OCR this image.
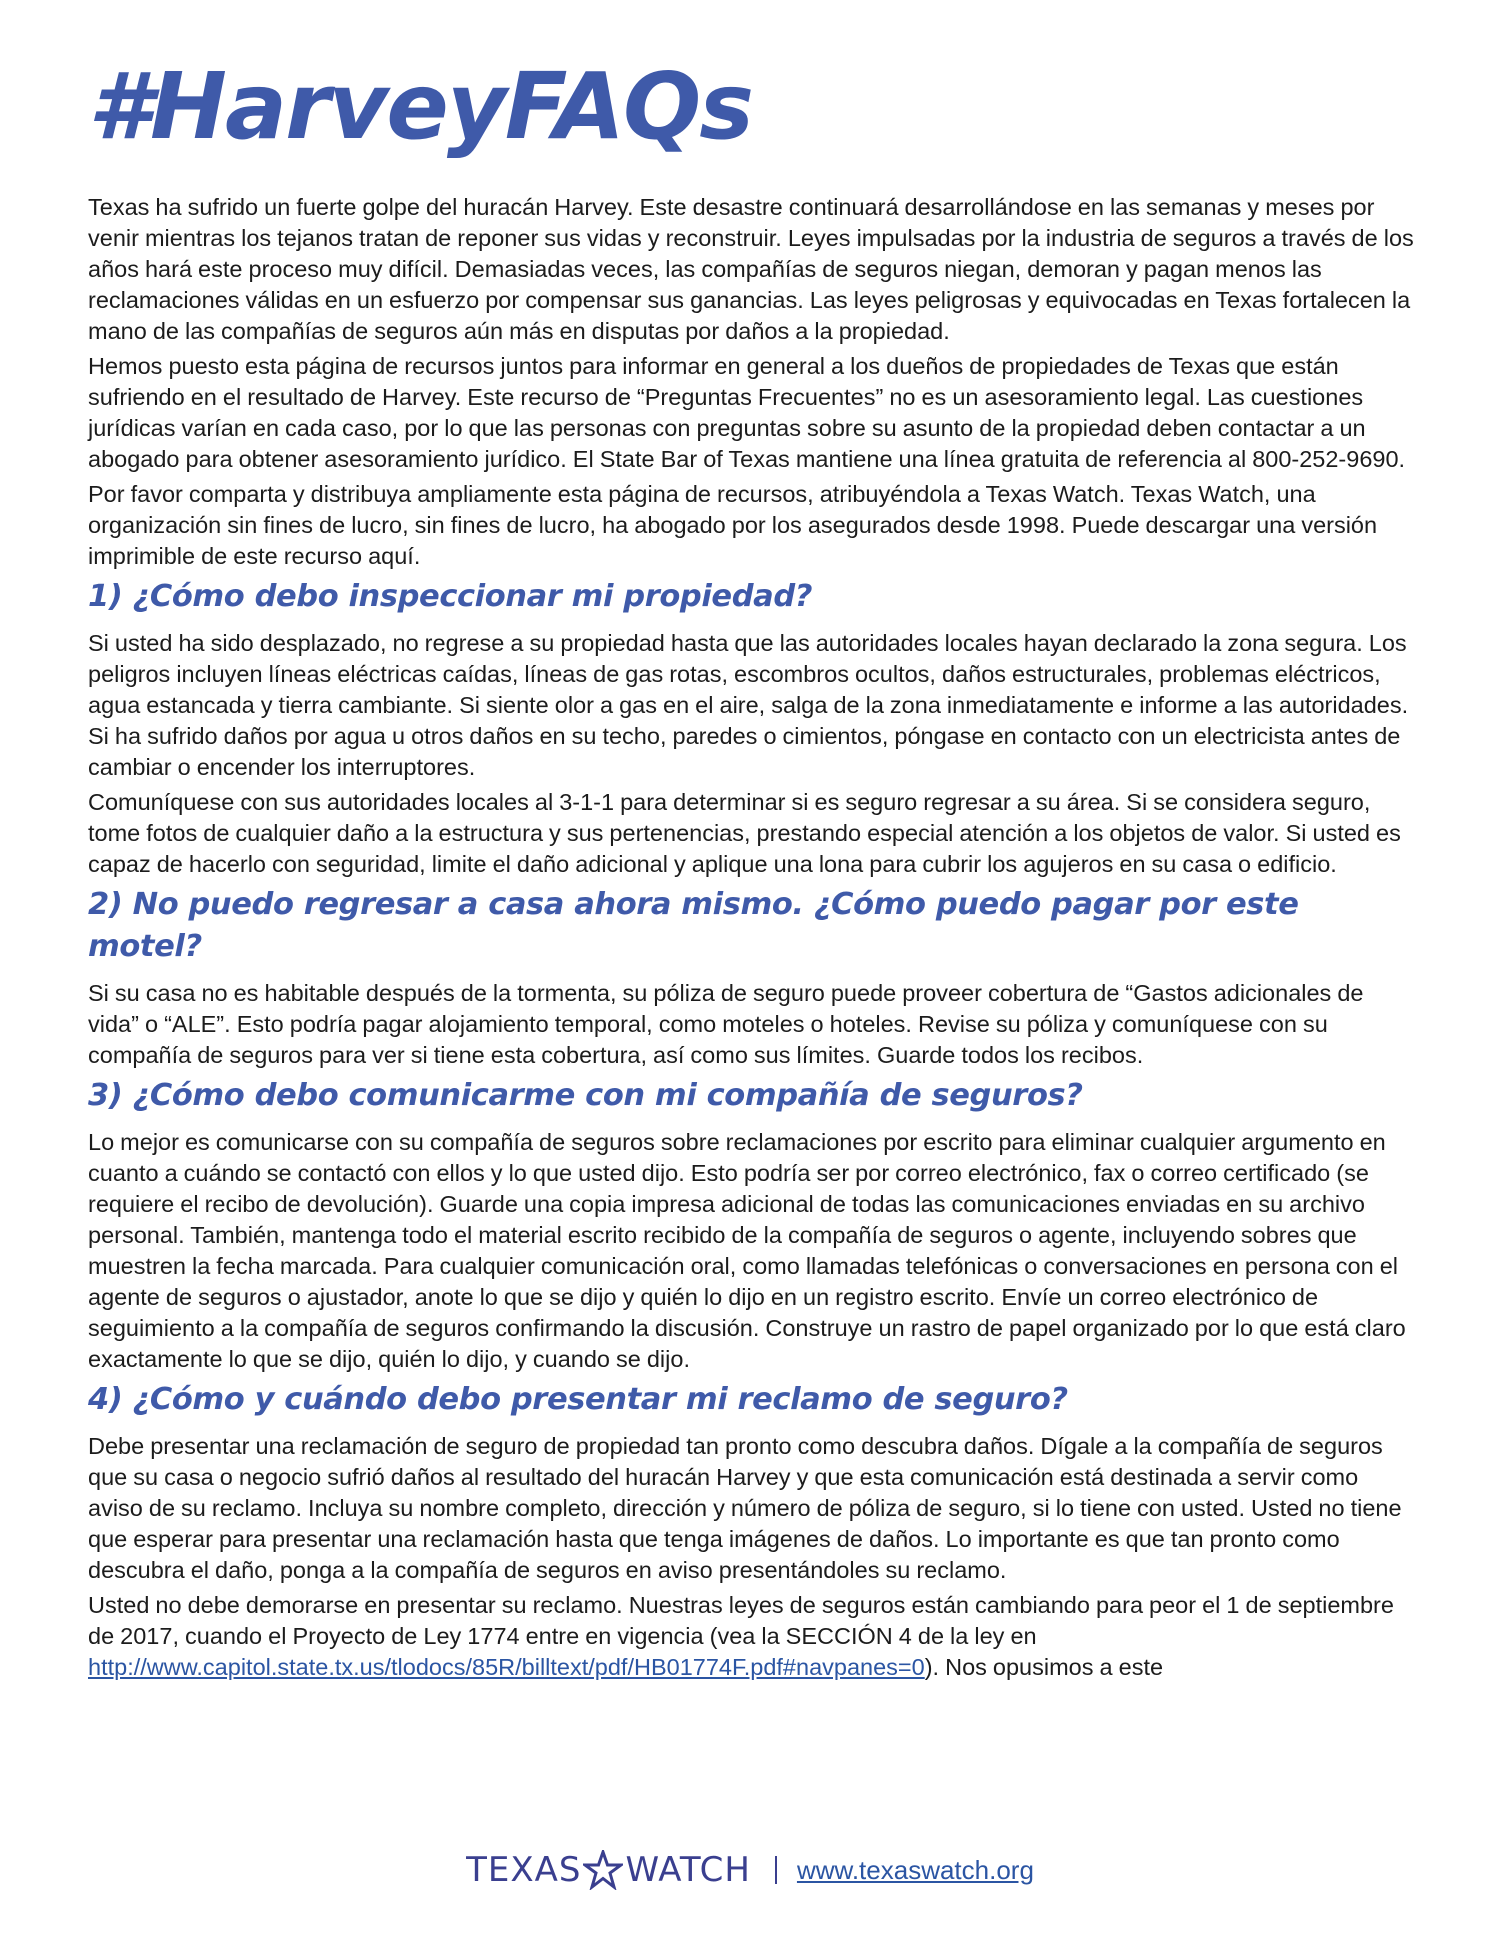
#HarveyFAQs

Texas ha sufrido un fuerte golpe del huracán Harvey. Este desastre continuará desarrollándose en las semanas y meses por venir mientras los tejanos tratan de reponer sus vidas y reconstruir. Leyes impulsadas por la industria de seguros a través de los años hará este proceso muy difícil. Demasiadas veces, las compañías de seguros niegan, demoran y pagan menos las reclamaciones válidas en un esfuerzo por compensar sus ganancias. Las leyes peligrosas y equivocadas en Texas fortalecen la mano de las compañías de seguros aún más en disputas por daños a la propiedad.

Hemos puesto esta página de recursos juntos para informar en general a los dueños de propiedades de Texas que están sufriendo en el resultado de Harvey. Este recurso de “Preguntas Frecuentes” no es un asesoramiento legal. Las cuestiones jurídicas varían en cada caso, por lo que las personas con preguntas sobre su asunto de la propiedad deben contactar a un abogado para obtener asesoramiento jurídico. El State Bar of Texas mantiene una línea gratuita de referencia al 800-252-9690.

Por favor comparta y distribuya ampliamente esta página de recursos, atribuyéndola a Texas Watch. Texas Watch, una organización sin fines de lucro, sin fines de lucro, ha abogado por los asegurados desde 1998. Puede descargar una versión imprimible de este recurso aquí.

1) ¿Cómo debo inspeccionar mi propiedad?

Si usted ha sido desplazado, no regrese a su propiedad hasta que las autoridades locales hayan declarado la zona segura. Los peligros incluyen líneas eléctricas caídas, líneas de gas rotas, escombros ocultos, daños estructurales, problemas eléctricos, agua estancada y tierra cambiante. Si siente olor a gas en el aire, salga de la zona inmediatamente e informe a las autoridades. Si ha sufrido daños por agua u otros daños en su techo, paredes o cimientos, póngase en contacto con un electricista antes de cambiar o encender los interruptores.

Comuníquese con sus autoridades locales al 3-1-1 para determinar si es seguro regresar a su área. Si se considera seguro, tome fotos de cualquier daño a la estructura y sus pertenencias, prestando especial atención a los objetos de valor. Si usted es capaz de hacerlo con seguridad, limite el daño adicional y aplique una lona para cubrir los agujeros en su casa o edificio.

2) No puedo regresar a casa ahora mismo. ¿Cómo puedo pagar por este motel?

Si su casa no es habitable después de la tormenta, su póliza de seguro puede proveer cobertura de “Gastos adicionales de vida” o “ALE”. Esto podría pagar alojamiento temporal, como moteles o hoteles. Revise su póliza y comuníquese con su compañía de seguros para ver si tiene esta cobertura, así como sus límites. Guarde todos los recibos.

3) ¿Cómo debo comunicarme con mi compañía de seguros?

Lo mejor es comunicarse con su compañía de seguros sobre reclamaciones por escrito para eliminar cualquier argumento en cuanto a cuándo se contactó con ellos y lo que usted dijo. Esto podría ser por correo electrónico, fax o correo certificado (se requiere el recibo de devolución). Guarde una copia impresa adicional de todas las comunicaciones enviadas en su archivo personal. También, mantenga todo el material escrito recibido de la compañía de seguros o agente, incluyendo sobres que muestren la fecha marcada. Para cualquier comunicación oral, como llamadas telefónicas o conversaciones en persona con el agente de seguros o ajustador, anote lo que se dijo y quién lo dijo en un registro escrito. Envíe un correo electrónico de seguimiento a la compañía de seguros confirmando la discusión. Construye un rastro de papel organizado por lo que está claro exactamente lo que se dijo, quién lo dijo, y cuando se dijo.

4) ¿Cómo y cuándo debo presentar mi reclamo de seguro?

Debe presentar una reclamación de seguro de propiedad tan pronto como descubra daños. Dígale a la compañía de seguros que su casa o negocio sufrió daños al resultado del huracán Harvey y que esta comunicación está destinada a servir como aviso de su reclamo. Incluya su nombre completo, dirección y número de póliza de seguro, si lo tiene con usted. Usted no tiene que esperar para presentar una reclamación hasta que tenga imágenes de daños. Lo importante es que tan pronto como descubra el daño, ponga a la compañía de seguros en aviso presentándoles su reclamo.

Usted no debe demorarse en presentar su reclamo. Nuestras leyes de seguros están cambiando para peor el 1 de septiembre de 2017, cuando el Proyecto de Ley 1774 entre en vigencia (vea la SECCIÓN 4 de la ley en http://www.capitol.state.tx.us/tlodocs/85R/billtext/pdf/HB01774F.pdf#navpanes=0). Nos opusimos a este

TEXAS WATCH www.texaswatch.org
